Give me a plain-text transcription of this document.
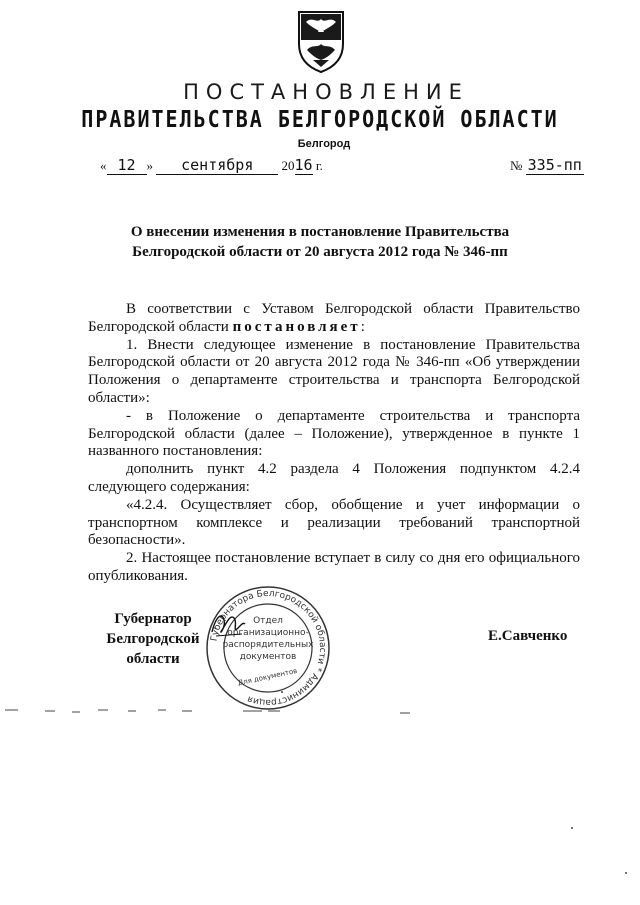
ПОСТАНОВЛЕНИЕ
ПРАВИТЕЛЬСТВА БЕЛГОРОДСКОЙ ОБЛАСТИ
Белгород
« 12 » сентября 2016 г.	№ 335-пп
О внесении изменения в постановление Правительства
Белгородской области от 20 августа 2012 года № 346-пп

В соответствии с Уставом Белгородской области Правительство Белгородской области постановляет:

1. Внести следующее изменение в постановление Правительства Белгородской области от 20 августа 2012 года № 346-пп «Об утверждении Положения о департаменте строительства и транспорта Белгородской области»:

- в Положение о департаменте строительства и транспорта Белгородской области (далее – Положение), утвержденное в пункте 1 названного постановления:

дополнить пункт 4.2 раздела 4 Положения подпунктом 4.2.4 следующего содержания:

«4.2.4. Осуществляет сбор, обобщение и учет информации о транспортном комплексе и реализации требований транспортной безопасности».

2. Настоящее постановление вступает в силу со дня его официального опубликования.

Губернатор
Белгородской области
Е.Савченко
Губернатора Белгородской области * Администрация
Отдел
организационно-
распорядительных
документов
Для документов
